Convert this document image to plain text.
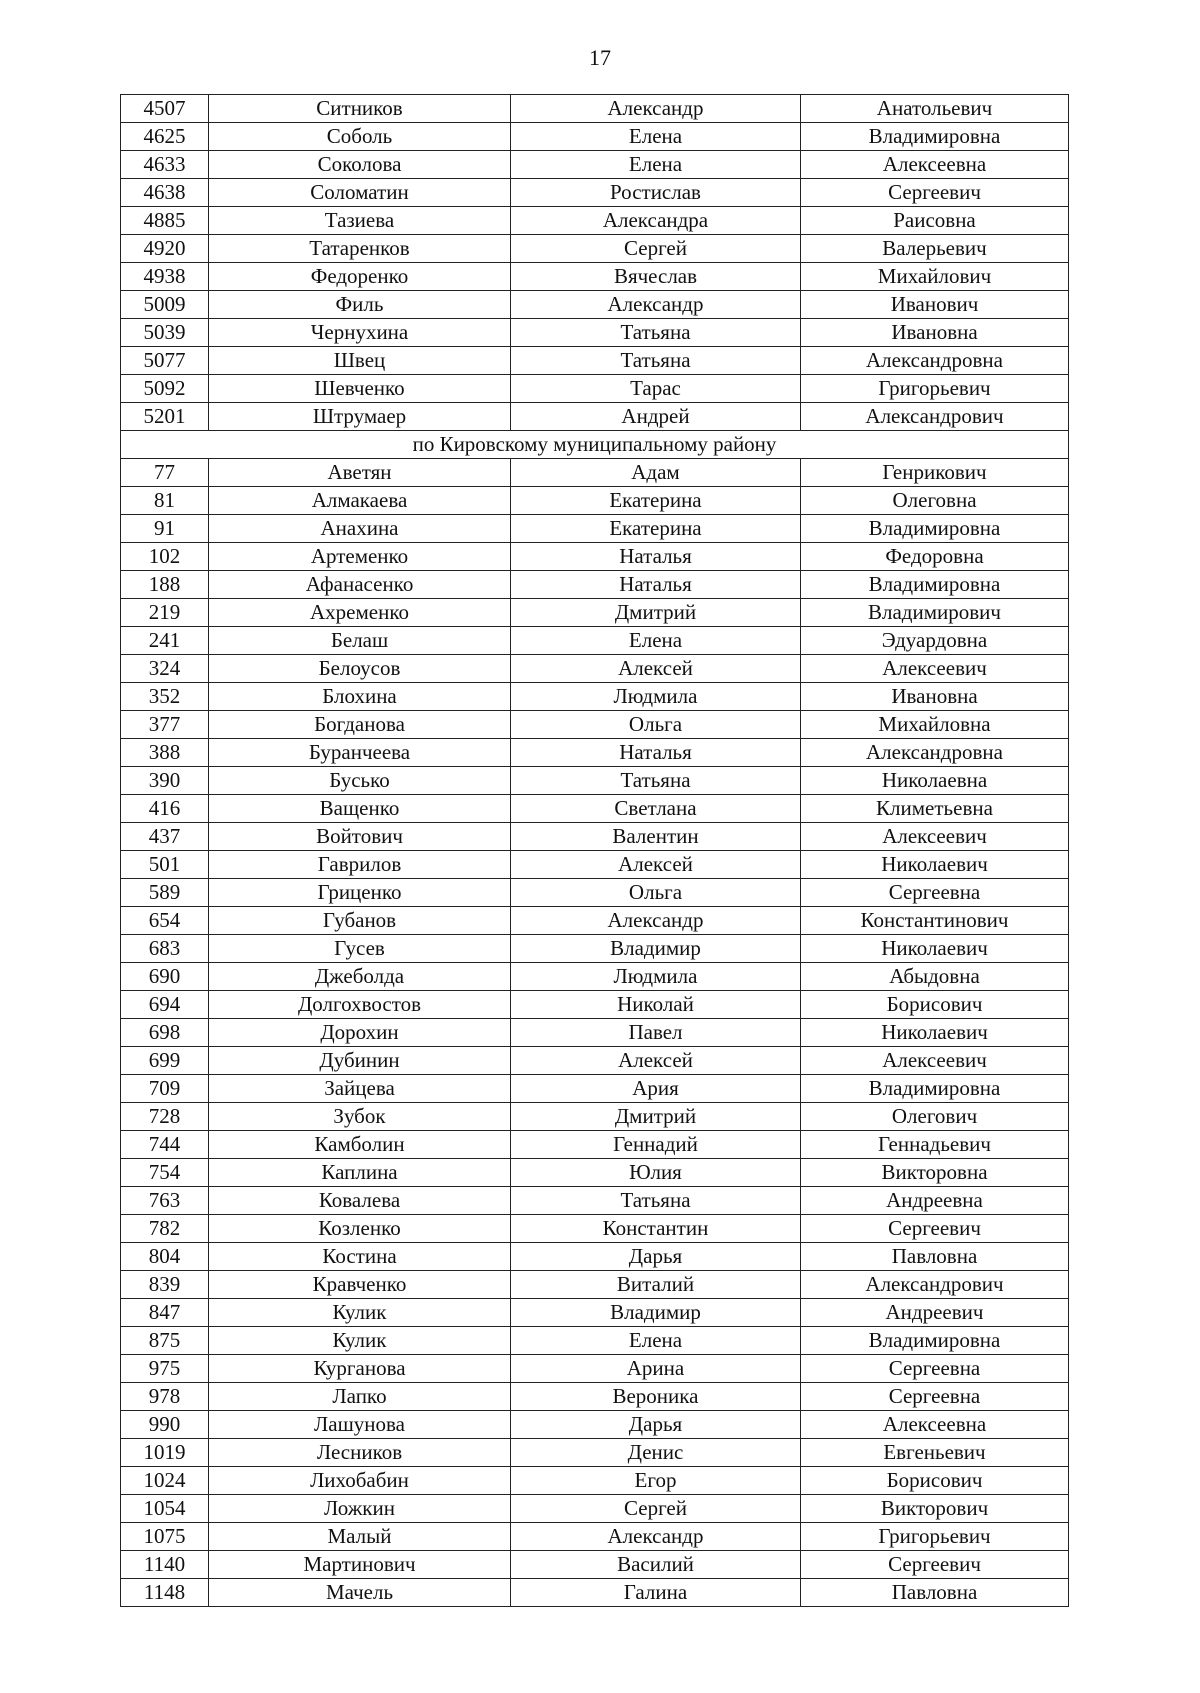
17
4507	Ситников	Александр	Анатольевич
4625	Соболь	Елена	Владимировна
4633	Соколова	Елена	Алексеевна
4638	Соломатин	Ростислав	Сергеевич
4885	Тазиева	Александра	Раисовна
4920	Татаренков	Сергей	Валерьевич
4938	Федоренко	Вячеслав	Михайлович
5009	Филь	Александр	Иванович
5039	Чернухина	Татьяна	Ивановна
5077	Швец	Татьяна	Александровна
5092	Шевченко	Тарас	Григорьевич
5201	Штрумаер	Андрей	Александрович
по Кировскому муниципальному району			
77	Аветян	Адам	Генрикович
81	Алмакаева	Екатерина	Олеговна
91	Анахина	Екатерина	Владимировна
102	Артеменко	Наталья	Федоровна
188	Афанасенко	Наталья	Владимировна
219	Ахременко	Дмитрий	Владимирович
241	Белаш	Елена	Эдуардовна
324	Белоусов	Алексей	Алексеевич
352	Блохина	Людмила	Ивановна
377	Богданова	Ольга	Михайловна
388	Буранчеева	Наталья	Александровна
390	Бусько	Татьяна	Николаевна
416	Ващенко	Светлана	Климетьевна
437	Войтович	Валентин	Алексеевич
501	Гаврилов	Алексей	Николаевич
589	Гриценко	Ольга	Сергеевна
654	Губанов	Александр	Константинович
683	Гусев	Владимир	Николаевич
690	Джеболда	Людмила	Абыдовна
694	Долгохвостов	Николай	Борисович
698	Дорохин	Павел	Николаевич
699	Дубинин	Алексей	Алексеевич
709	Зайцева	Ария	Владимировна
728	Зубок	Дмитрий	Олегович
744	Камболин	Геннадий	Геннадьевич
754	Каплина	Юлия	Викторовна
763	Ковалева	Татьяна	Андреевна
782	Козленко	Константин	Сергеевич
804	Костина	Дарья	Павловна
839	Кравченко	Виталий	Александрович
847	Кулик	Владимир	Андреевич
875	Кулик	Елена	Владимировна
975	Курганова	Арина	Сергеевна
978	Лапко	Вероника	Сергеевна
990	Лашунова	Дарья	Алексеевна
1019	Лесников	Денис	Евгеньевич
1024	Лихобабин	Егор	Борисович
1054	Ложкин	Сергей	Викторович
1075	Малый	Александр	Григорьевич
1140	Мартинович	Василий	Сергеевич
1148	Мачель	Галина	Павловна
